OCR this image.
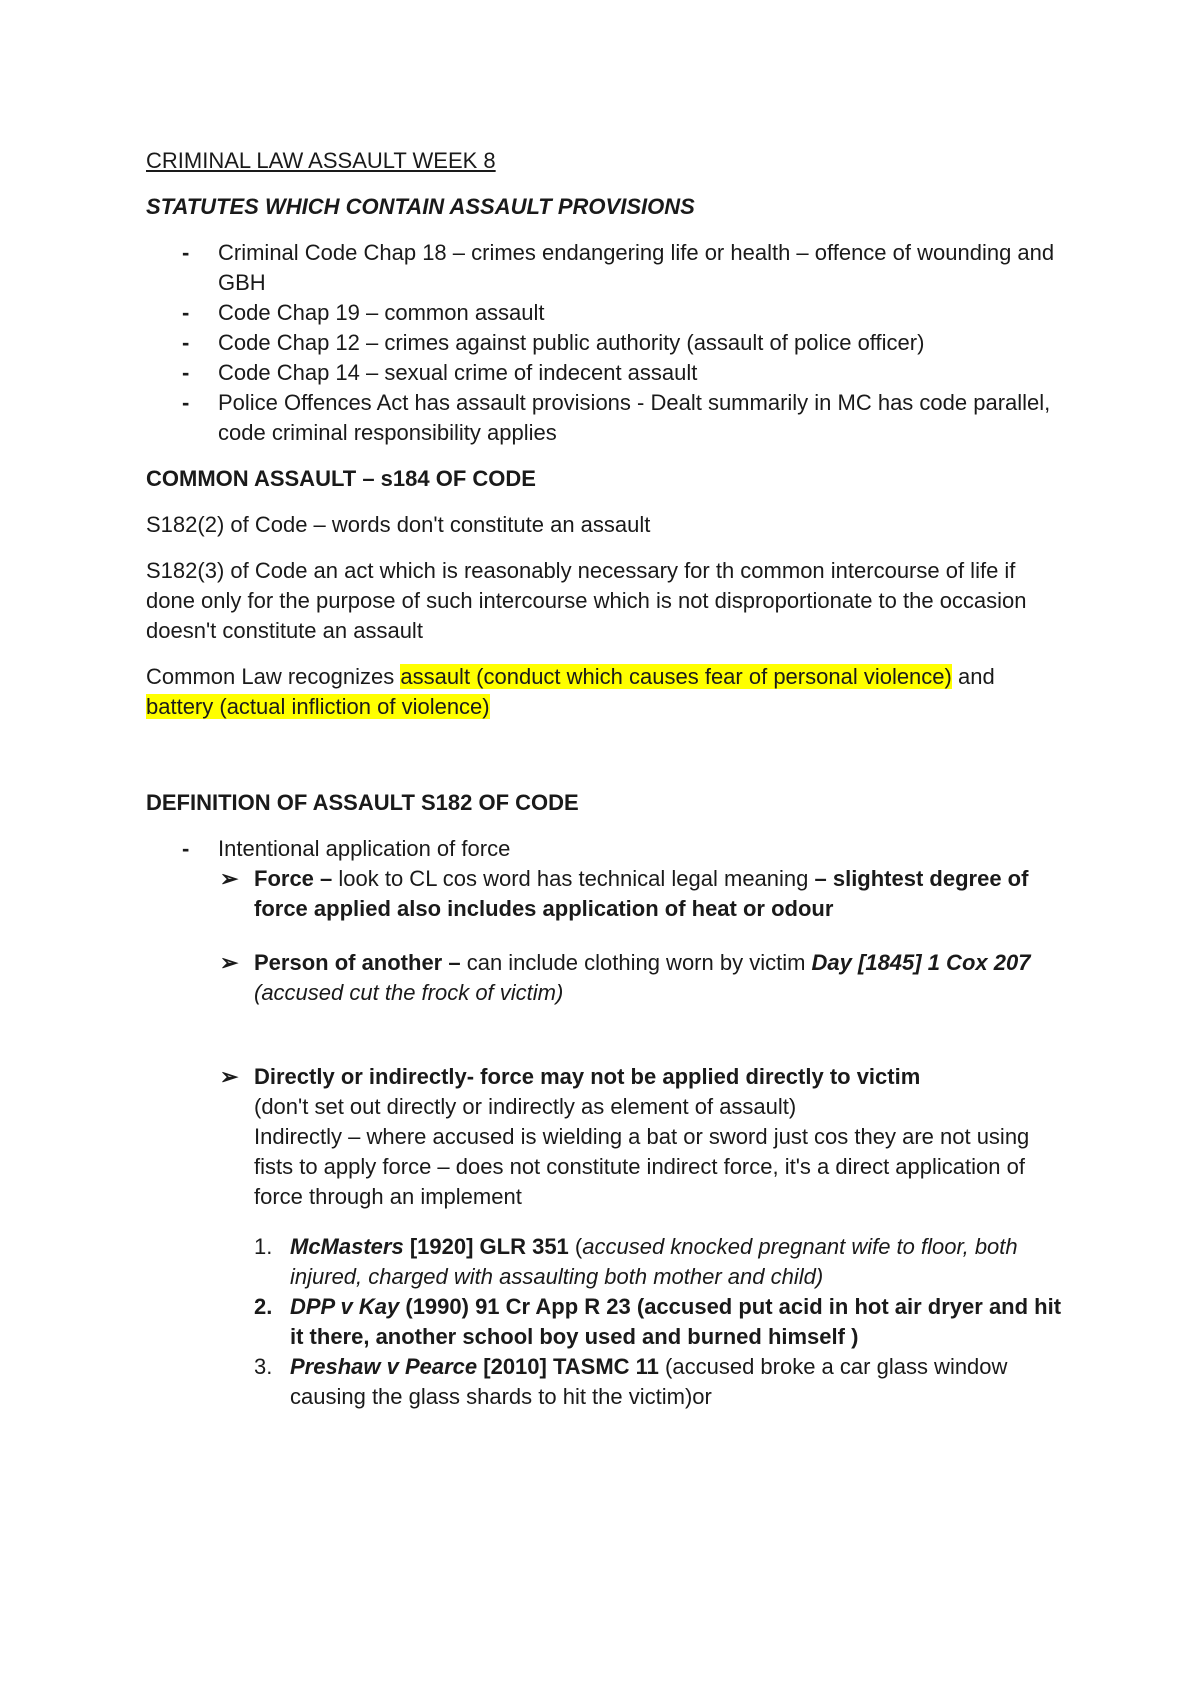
CRIMINAL LAW ASSAULT WEEK 8
STATUTES WHICH CONTAIN ASSAULT PROVISIONS
- Criminal Code Chap 18 – crimes endangering life or health – offence of wounding and GBH
- Code Chap 19 – common assault
- Code Chap 12 – crimes against public authority (assault of police officer)
- Code Chap 14 – sexual crime of indecent assault
- Police Offences Act has assault provisions - Dealt summarily in MC has code parallel, code criminal responsibility applies
COMMON ASSAULT – s184 OF CODE

S182(2) of Code – words don't constitute an assault

S182(3) of Code an act which is reasonably necessary for th common intercourse of life if done only for the purpose of such intercourse which is not disproportionate to the occasion doesn't constitute an assault

Common Law recognizes assault (conduct which causes fear of personal violence) and battery (actual infliction of violence)

DEFINITION OF ASSAULT S182 OF CODE
- Intentional application of force
➢ Force – look to CL cos word has technical legal meaning – slightest degree of force applied also includes application of heat or odour
➢ Person of another – can include clothing worn by victim Day [1845] 1 Cox 207 (accused cut the frock of victim)
➢ Directly or indirectly- force may not be applied directly to victim
(don't set out directly or indirectly as element of assault)
Indirectly – where accused is wielding a bat or sword just cos they are not using fists to apply force – does not constitute indirect force, it's a direct application of force through an implement
1. McMasters [1920] GLR 351 (accused knocked pregnant wife to floor, both injured, charged with assaulting both mother and child)
2. DPP v Kay (1990) 91 Cr App R 23 (accused put acid in hot air dryer and hit it there, another school boy used and burned himself )
3. Preshaw v Pearce [2010] TASMC 11 (accused broke a car glass window causing the glass shards to hit the victim)or
